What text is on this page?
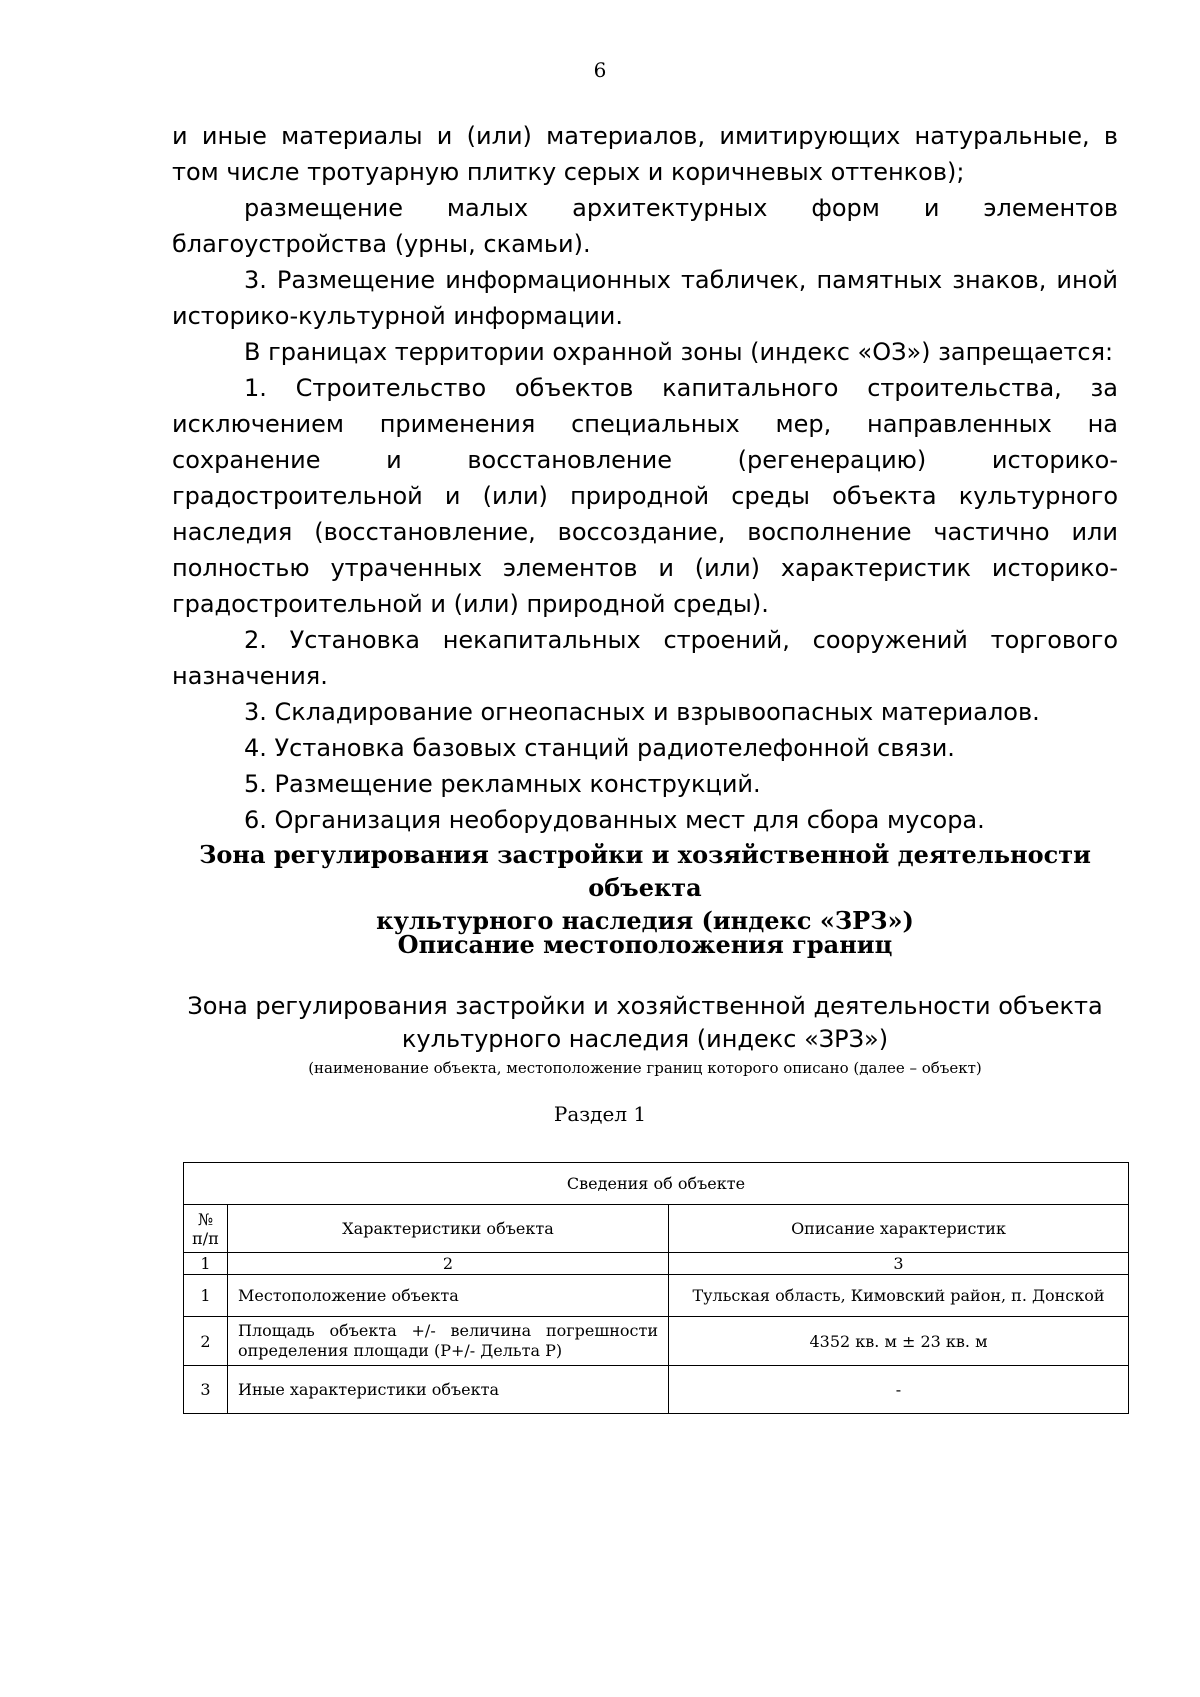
6

и иные материалы и (или) материалов, имитирующих натуральные, в том числе тротуарную плитку серых и коричневых оттенков);

размещение малых архитектурных форм и элементов благоустройства (урны, скамьи).

3. Размещение информационных табличек, памятных знаков, иной историко-культурной информации.

В границах территории охранной зоны (индекс «ОЗ») запрещается:

1. Строительство объектов капитального строительства, за исключением применения специальных мер, направленных на сохранение и восстановление (регенерацию) историко-градостроительной и (или) природной среды объекта культурного наследия (восстановление, воссоздание, восполнение частично или полностью утраченных элементов и (или) характеристик историко-градостроительной и (или) природной среды).

2. Установка некапитальных строений, сооружений торгового назначения.

3. Складирование огнеопасных и взрывоопасных материалов.

4. Установка базовых станций радиотелефонной связи.

5. Размещение рекламных конструкций.

6. Организация необорудованных мест для сбора мусора.

Зона регулирования застройки и хозяйственной деятельности объекта
культурного наследия (индекс «ЗРЗ»)
Описание местоположения границ
Зона регулирования застройки и хозяйственной деятельности объекта
культурного наследия (индекс «ЗРЗ»)
(наименование объекта, местоположение границ которого описано (далее – объект)
Раздел 1
Сведения об объекте		
№ п/п	Характеристики объекта	Описание характеристик
1	2	3
1	Местоположение объекта	Тульская область, Кимовский район, п. Донской
2	Площадь объекта +/- величина погрешности определения площади (P+/- Дельта P)	4352 кв. м ± 23 кв. м
3	Иные характеристики объекта	-
